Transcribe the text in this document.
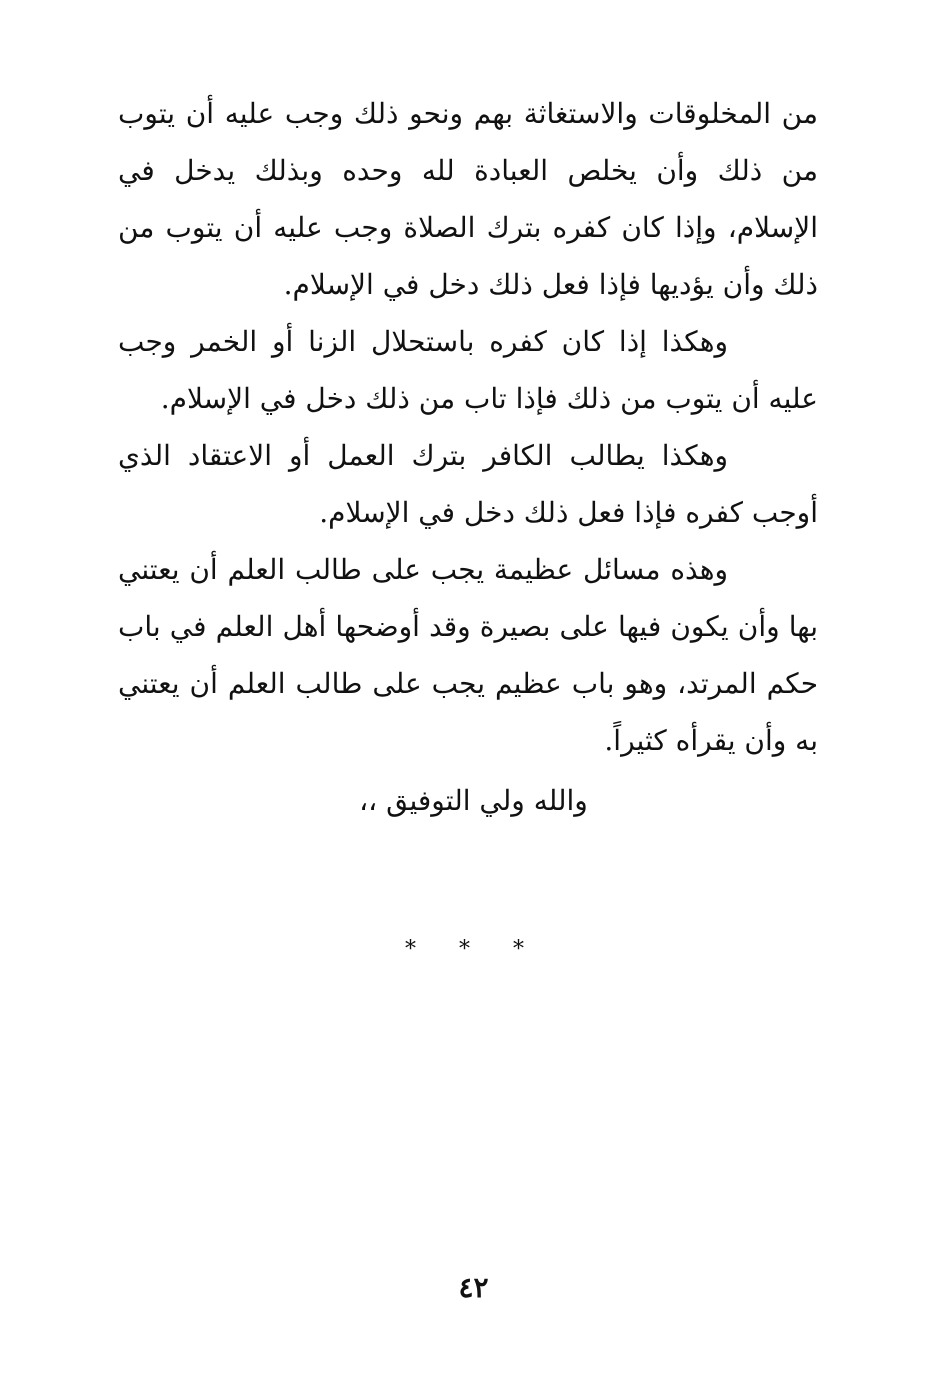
من المخلوقات والاستغاثة بهم ونحو ذلك وجب عليه أن يتوب من ذلك وأن يخلص العبادة لله وحده وبذلك يدخل في الإسلام، وإذا كان كفره بترك الصلاة وجب عليه أن يتوب من ذلك وأن يؤديها فإذا فعل ذلك دخل في الإسلام.

وهكذا إذا كان كفره باستحلال الزنا أو الخمر وجب عليه أن يتوب من ذلك فإذا تاب من ذلك دخل في الإسلام.

وهكذا يطالب الكافر بترك العمل أو الاعتقاد الذي أوجب كفره فإذا فعل ذلك دخل في الإسلام.

وهذه مسائل عظيمة يجب على طالب العلم أن يعتني بها وأن يكون فيها على بصيرة وقد أوضحها أهل العلم في باب حكم المرتد، وهو باب عظيم يجب على طالب العلم أن يعتني به وأن يقرأه كثيراً.

والله ولي التوفيق ،،
* * *
٤٢
